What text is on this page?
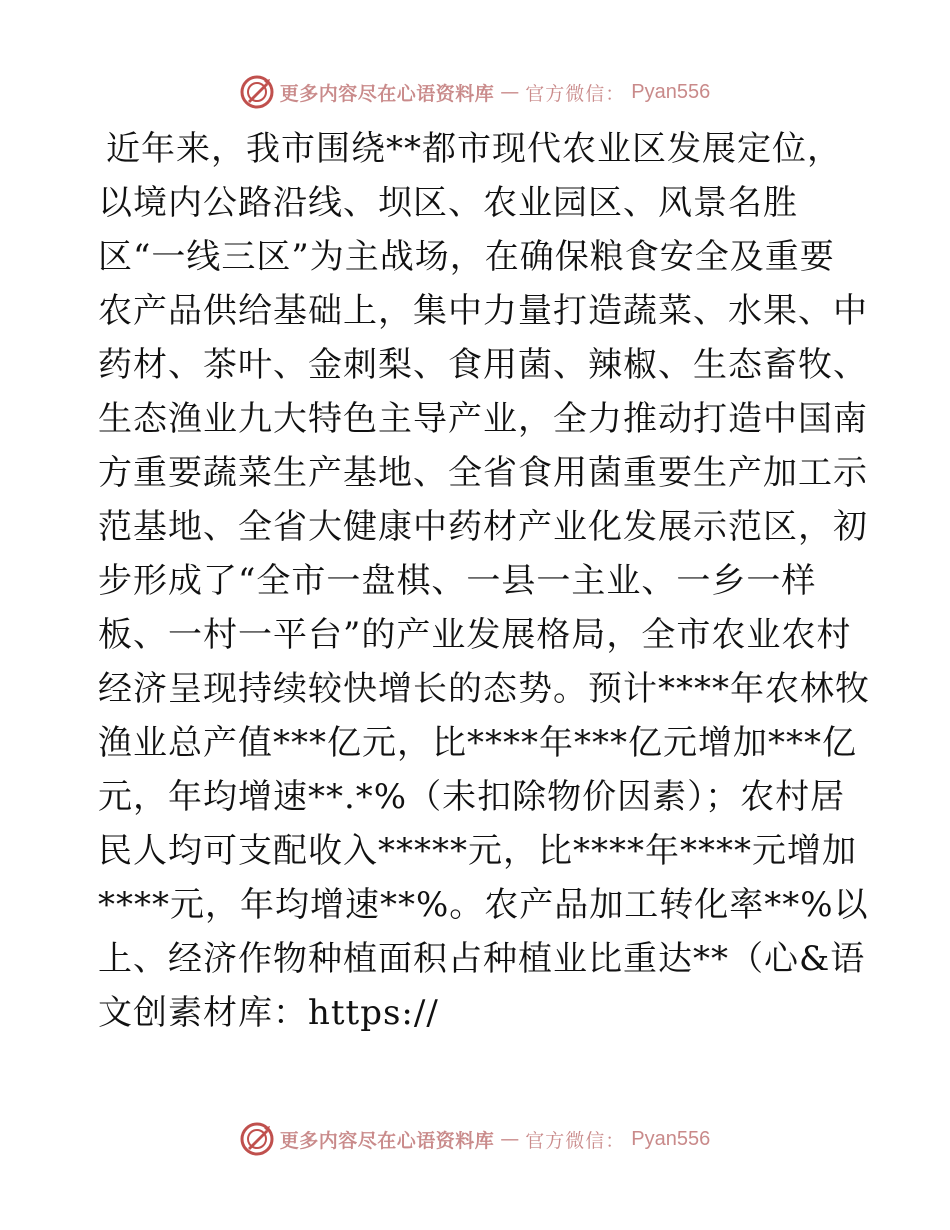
更多内容尽在心语资料库 — 官方微信： Pyan556
近年来，我市围绕**都市现代农业区发展定位，
以境内公路沿线、坝区、农业园区、风景名胜
区“一线三区”为主战场，在确保粮食安全及重要
农产品供给基础上，集中力量打造蔬菜、水果、中
药材、茶叶、金刺梨、食用菌、辣椒、生态畜牧、
生态渔业九大特色主导产业，全力推动打造中国南
方重要蔬菜生产基地、全省食用菌重要生产加工示
范基地、全省大健康中药材产业化发展示范区，初
步形成了“全市一盘棋、一县一主业、一乡一样
板、一村一平台”的产业发展格局，全市农业农村
经济呈现持续较快增长的态势。预计****年农林牧
渔业总产值***亿元，比****年***亿元增加***亿
元，年均增速**.*%（未扣除物价因素）；农村居
民人均可支配收入*****元，比****年****元增加
****元，年均增速**%。农产品加工转化率**%以
上、经济作物种植面积占种植业比重达**（心&语
文创素材库：https://
更多内容尽在心语资料库 — 官方微信： Pyan556
